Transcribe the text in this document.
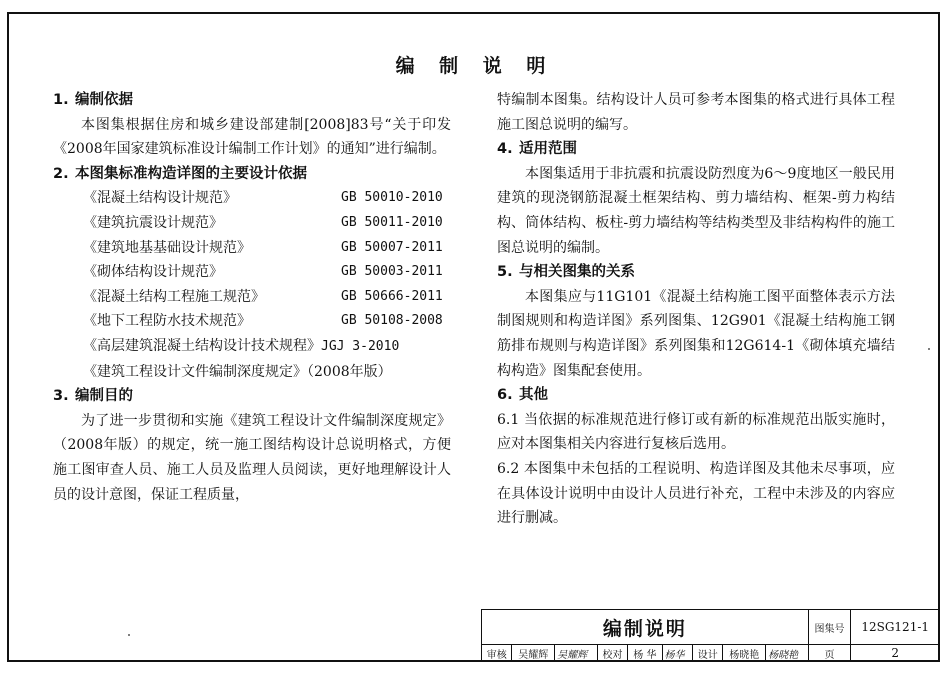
编 制 说 明
1. 编制依据
本图集根据住房和城乡建设部建制[2008]83号“关于印发《2008年国家建筑标准设计编制工作计划》的通知”进行编制。
2. 本图集标准构造详图的主要设计依据
《混凝土结构设计规范》	GB 50010-2010
《建筑抗震设计规范》	GB 50011-2010
《建筑地基基础设计规范》	GB 50007-2011
《砌体结构设计规范》	GB 50003-2011
《混凝土结构工程施工规范》	GB 50666-2011
《地下工程防水技术规范》	GB 50108-2008
《高层建筑混凝土结构设计技术规程》JGJ 3-2010
《建筑工程设计文件编制深度规定》（2008年版）
3. 编制目的
为了进一步贯彻和实施《建筑工程设计文件编制深度规定》（2008年版）的规定，统一施工图结构设计总说明格式，方便施工图审查人员、施工人员及监理人员阅读，更好地理解设计人员的设计意图，保证工程质量，
特编制本图集。结构设计人员可参考本图集的格式进行具体工程施工图总说明的编写。
4. 适用范围
本图集适用于非抗震和抗震设防烈度为6～9度地区一般民用建筑的现浇钢筋混凝土框架结构、剪力墙结构、框架-剪力构结构、筒体结构、板柱-剪力墙结构等结构类型及非结构构件的施工图总说明的编制。
5. 与相关图集的关系
本图集应与11G101《混凝土结构施工图平面整体表示方法制图规则和构造详图》系列图集、12G901《混凝土结构施工钢筋排布规则与构造详图》系列图集和12G614-1《砌体填充墙结构构造》图集配套使用。
6. 其他
6.1 当依据的标准规范进行修订或有新的标准规范出版实施时，应对本图集相关内容进行复核后选用。
6.2 本图集中未包括的工程说明、构造详图及其他未尽事项，应在具体设计说明中由设计人员进行补充，工程中未涉及的内容应进行删减。
编制说明									图集号	12SG121-1
审核	吴耀辉	吴耀辉	校对	杨 华	杨华	设计	杨晓艳	杨晓艳	页	2
